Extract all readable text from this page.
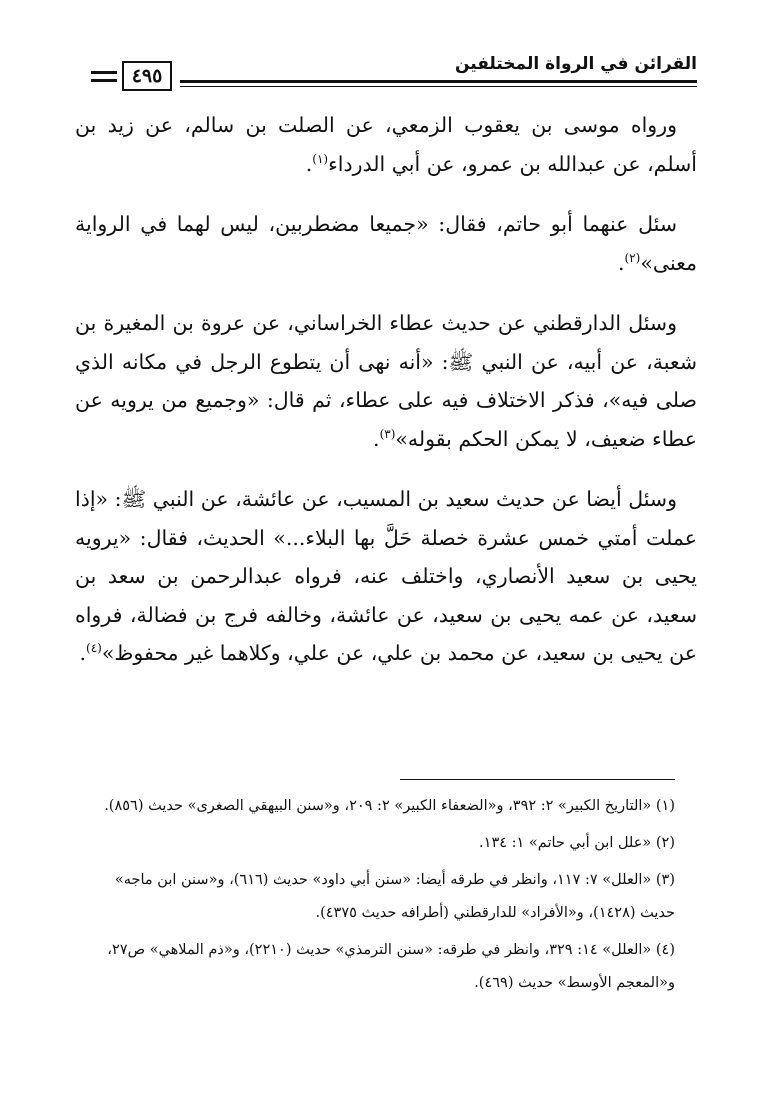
القرائن في الرواة المختلفين
٤٩٥

ورواه موسى بن يعقوب الزمعي، عن الصلت بن سالم، عن زيد بن أسلم، عن عبدالله بن عمرو، عن أبي الدرداء$^{(١)}$.

سئل عنهما أبو حاتم، فقال: «جميعا مضطربين، ليس لهما في الرواية معنى»$^{(٢)}$.

وسئل الدارقطني عن حديث عطاء الخراساني، عن عروة بن المغيرة بن شعبة، عن أبيه، عن النبي ﷺ: «أنه نهى أن يتطوع الرجل في مكانه الذي صلى فيه»، فذكر الاختلاف فيه على عطاء، ثم قال: «وجميع من يرويه عن عطاء ضعيف، لا يمكن الحكم بقوله»$^{(٣)}$.

وسئل أيضا عن حديث سعيد بن المسيب، عن عائشة، عن النبي ﷺ: «إذا عملت أمتي خمس عشرة خصلة حَلَّ بها البلاء...» الحديث، فقال: «يرويه يحيى بن سعيد الأنصاري، واختلف عنه، فرواه عبدالرحمن بن سعد بن سعيد، عن عمه يحيى بن سعيد، عن عائشة، وخالفه فرج بن فضالة، فرواه عن يحيى بن سعيد، عن محمد بن علي، عن علي، وكلاهما غير محفوظ»$^{(٤)}$.

(١) «التاريخ الكبير» ٢: ٣٩٢، و«الضعفاء الكبير» ٢: ٢٠٩، و«سنن البيهقي الصغرى» حديث (٨٥٦).

(٢) «علل ابن أبي حاتم» ١: ١٣٤.

(٣) «العلل» ٧: ١١٧، وانظر في طرقه أيضا: «سنن أبي داود» حديث (٦١٦)، و«سنن ابن ماجه» حديث (١٤٢٨)، و«الأفراد» للدارقطني (أطرافه حديث ٤٣٧٥).

(٤) «العلل» ١٤: ٣٢٩، وانظر في طرقه: «سنن الترمذي» حديث (٢٢١٠)، و«ذم الملاهي» ص٢٧، و«المعجم الأوسط» حديث (٤٦٩).
